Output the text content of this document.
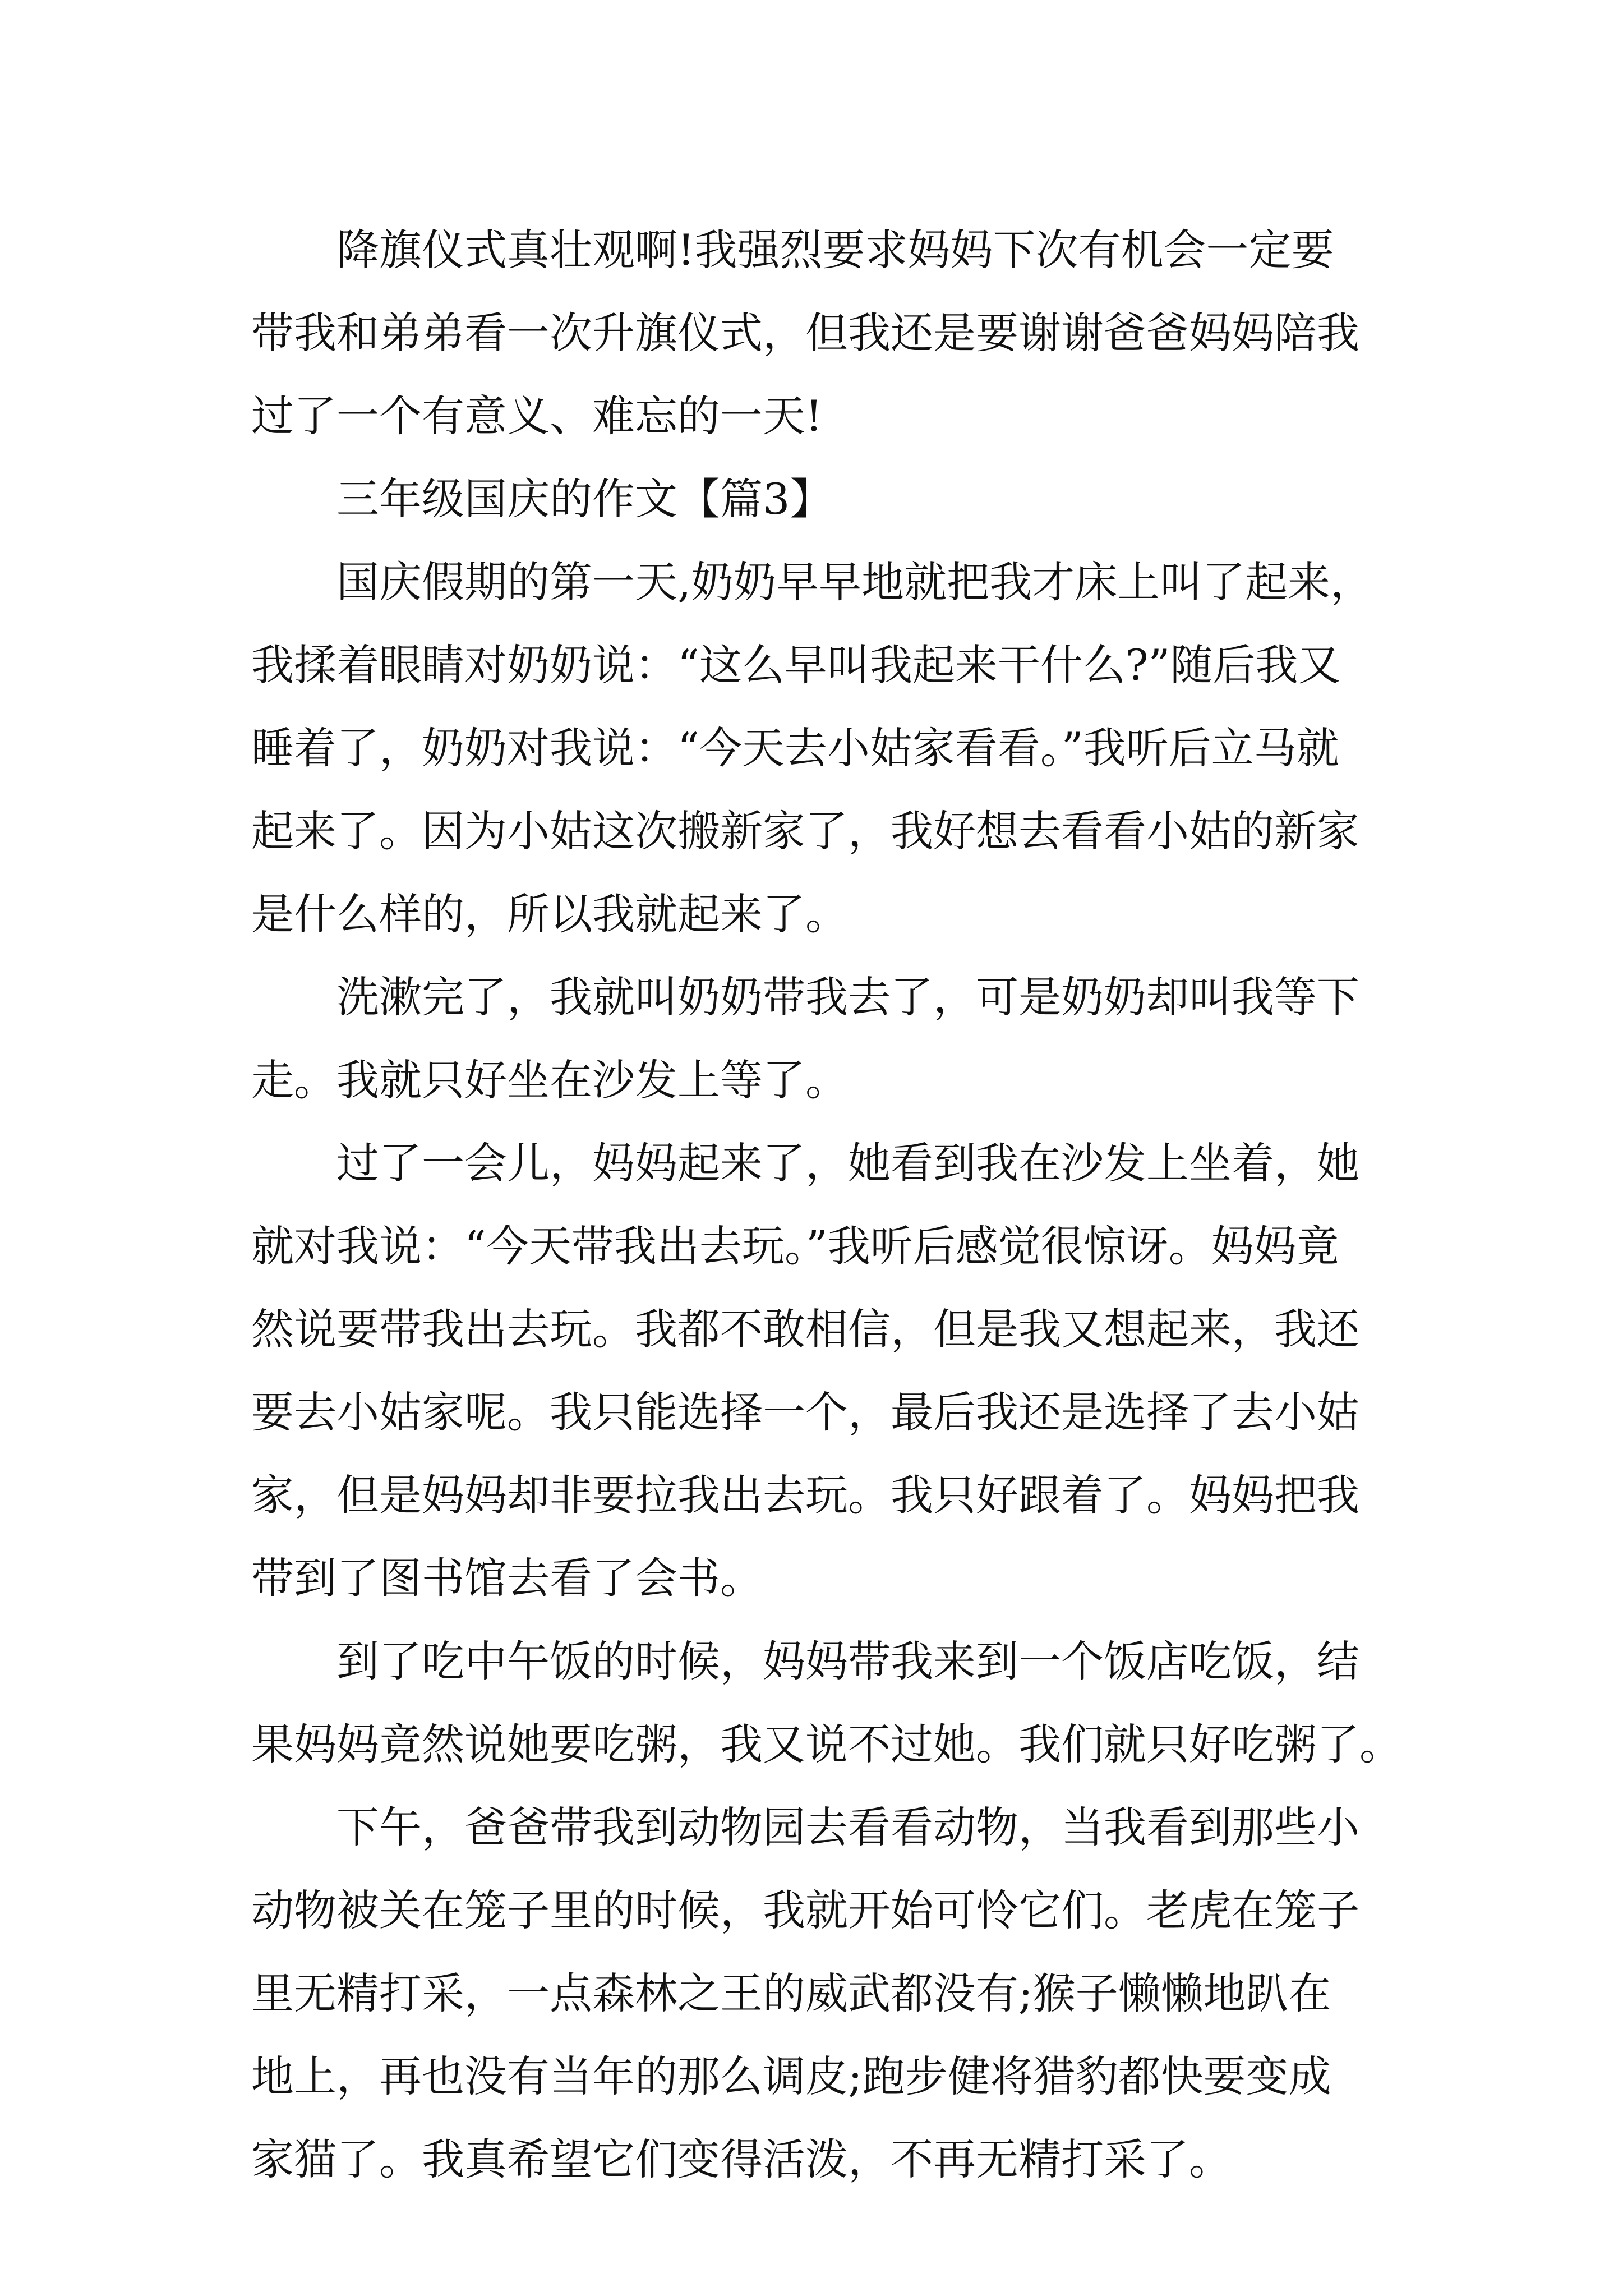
降旗仪式真壮观啊!我强烈要求妈妈下次有机会一定要
带我和弟弟看一次升旗仪式，但我还是要谢谢爸爸妈妈陪我
过了一个有意义、难忘的一天!
三年级国庆的作文【篇3】
国庆假期的第一天,奶奶早早地就把我才床上叫了起来，
我揉着眼睛对奶奶说：“这么早叫我起来干什么?”随后我又
睡着了，奶奶对我说：“今天去小姑家看看。”我听后立马就
起来了。因为小姑这次搬新家了，我好想去看看小姑的新家
是什么样的，所以我就起来了。
洗漱完了，我就叫奶奶带我去了，可是奶奶却叫我等下
走。我就只好坐在沙发上等了。
过了一会儿，妈妈起来了，她看到我在沙发上坐着，她
就对我说：“今天带我出去玩。”我听后感觉很惊讶。妈妈竟
然说要带我出去玩。我都不敢相信，但是我又想起来，我还
要去小姑家呢。我只能选择一个，最后我还是选择了去小姑
家，但是妈妈却非要拉我出去玩。我只好跟着了。妈妈把我
带到了图书馆去看了会书。
到了吃中午饭的时候，妈妈带我来到一个饭店吃饭，结
果妈妈竟然说她要吃粥，我又说不过她。我们就只好吃粥了。
下午，爸爸带我到动物园去看看动物，当我看到那些小
动物被关在笼子里的时候，我就开始可怜它们。老虎在笼子
里无精打采，一点森林之王的威武都没有;猴子懒懒地趴在
地上，再也没有当年的那么调皮;跑步健将猎豹都快要变成
家猫了。我真希望它们变得活泼，不再无精打采了。
